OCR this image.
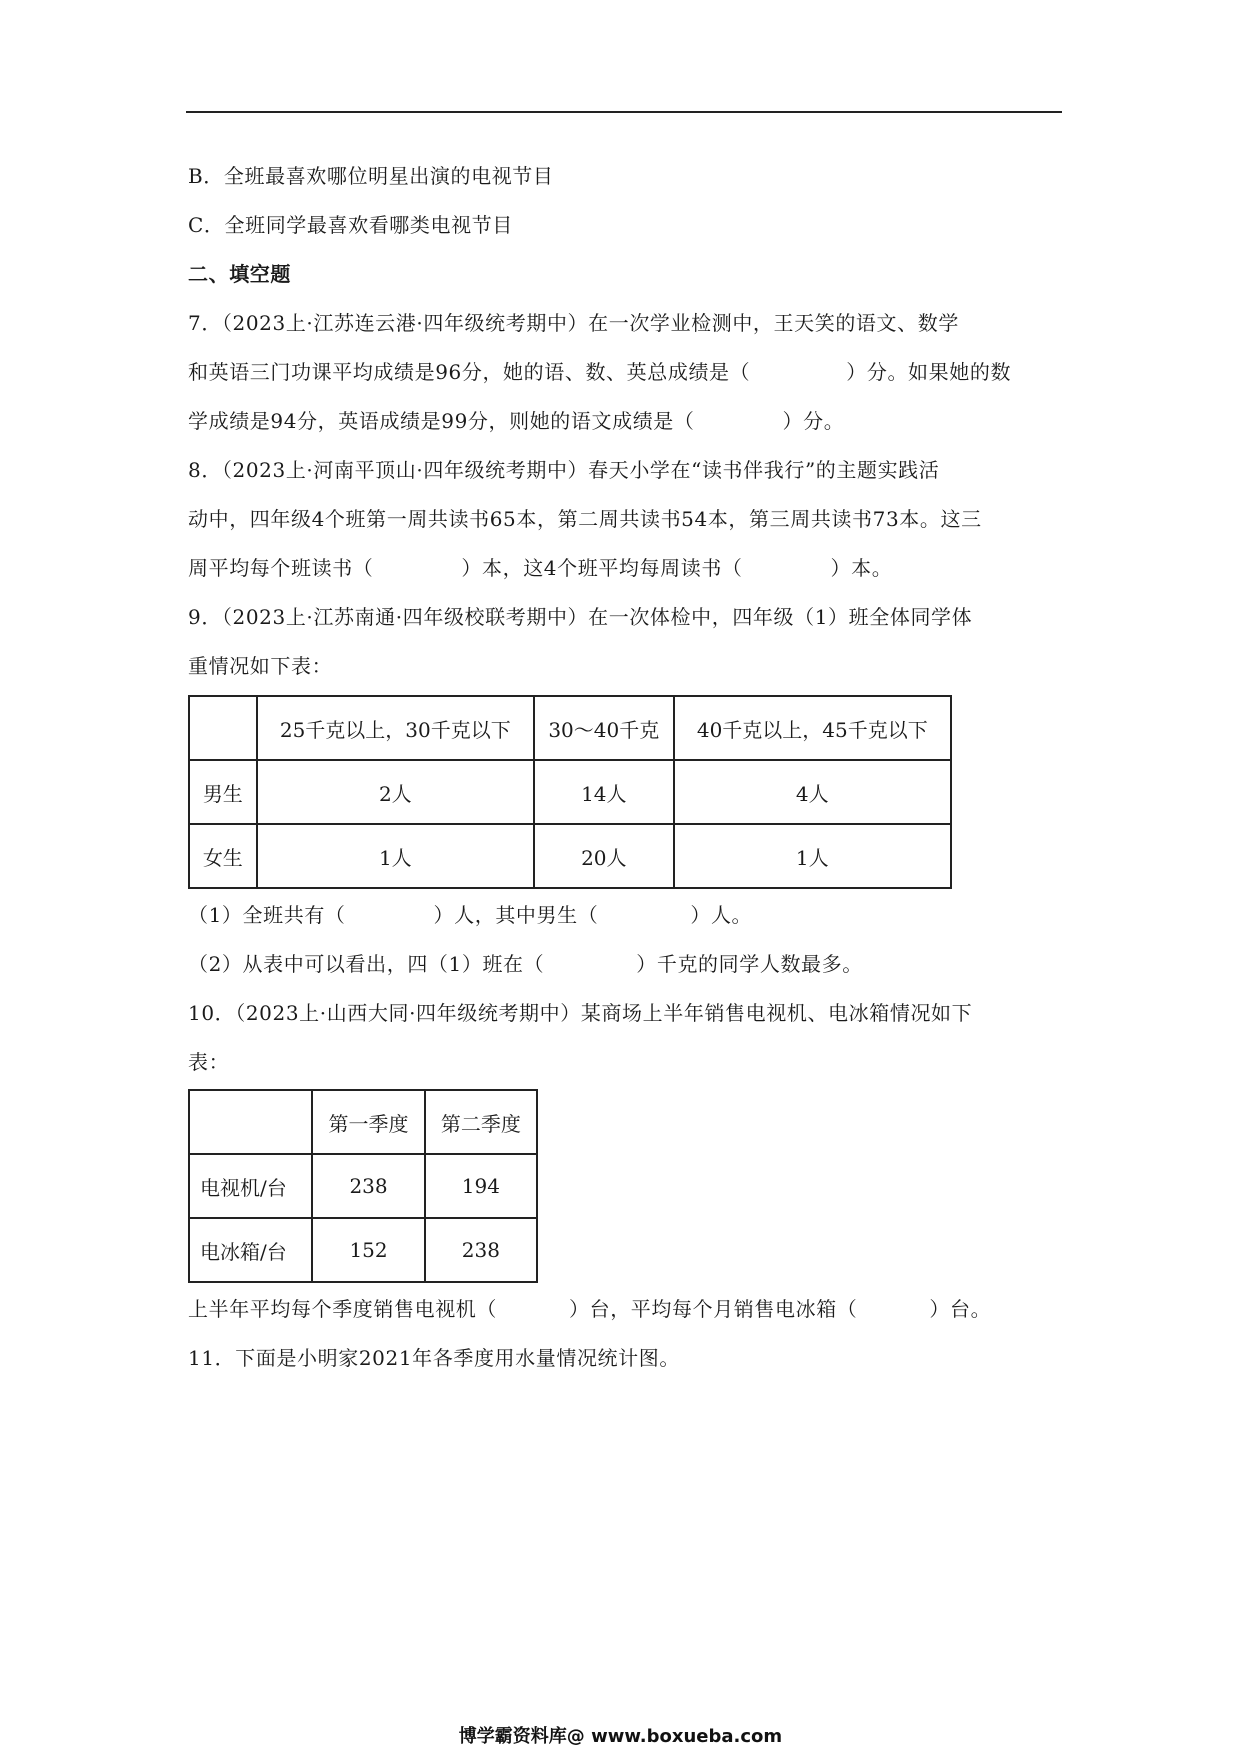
B．全班最喜欢哪位明星出演的电视节目
C．全班同学最喜欢看哪类电视节目
二、填空题
7．（2023上·江苏连云港·四年级统考期中）在一次学业检测中，王天笑的语文、数学
和英语三门功课平均成绩是96分，她的语、数、英总成绩是（	）分。如果她的数
学成绩是94分，英语成绩是99分，则她的语文成绩是（	）分。
8．（2023上·河南平顶山·四年级统考期中）春天小学在“读书伴我行”的主题实践活
动中，四年级4个班第一周共读书65本，第二周共读书54本，第三周共读书73本。这三
周平均每个班读书（	）本，这4个班平均每周读书（	）本。
9．（2023上·江苏南通·四年级校联考期中）在一次体检中，四年级（1）班全体同学体
重情况如下表：
	25千克以上，30千克以下	30～40千克	40千克以上，45千克以下
男生	2人	14人	4人
女生	1人	20人	1人
（1）全班共有（	）人，其中男生（	）人。
（2）从表中可以看出，四（1）班在（	）千克的同学人数最多。
10．（2023上·山西大同·四年级统考期中）某商场上半年销售电视机、电冰箱情况如下
表：
	第一季度	第二季度
电视机/台	238	194
电冰箱/台	152	238
上半年平均每个季度销售电视机（	）台，平均每个月销售电冰箱（	）台。
11．下面是小明家2021年各季度用水量情况统计图。
博学霸资料库@ www.boxueba.com
